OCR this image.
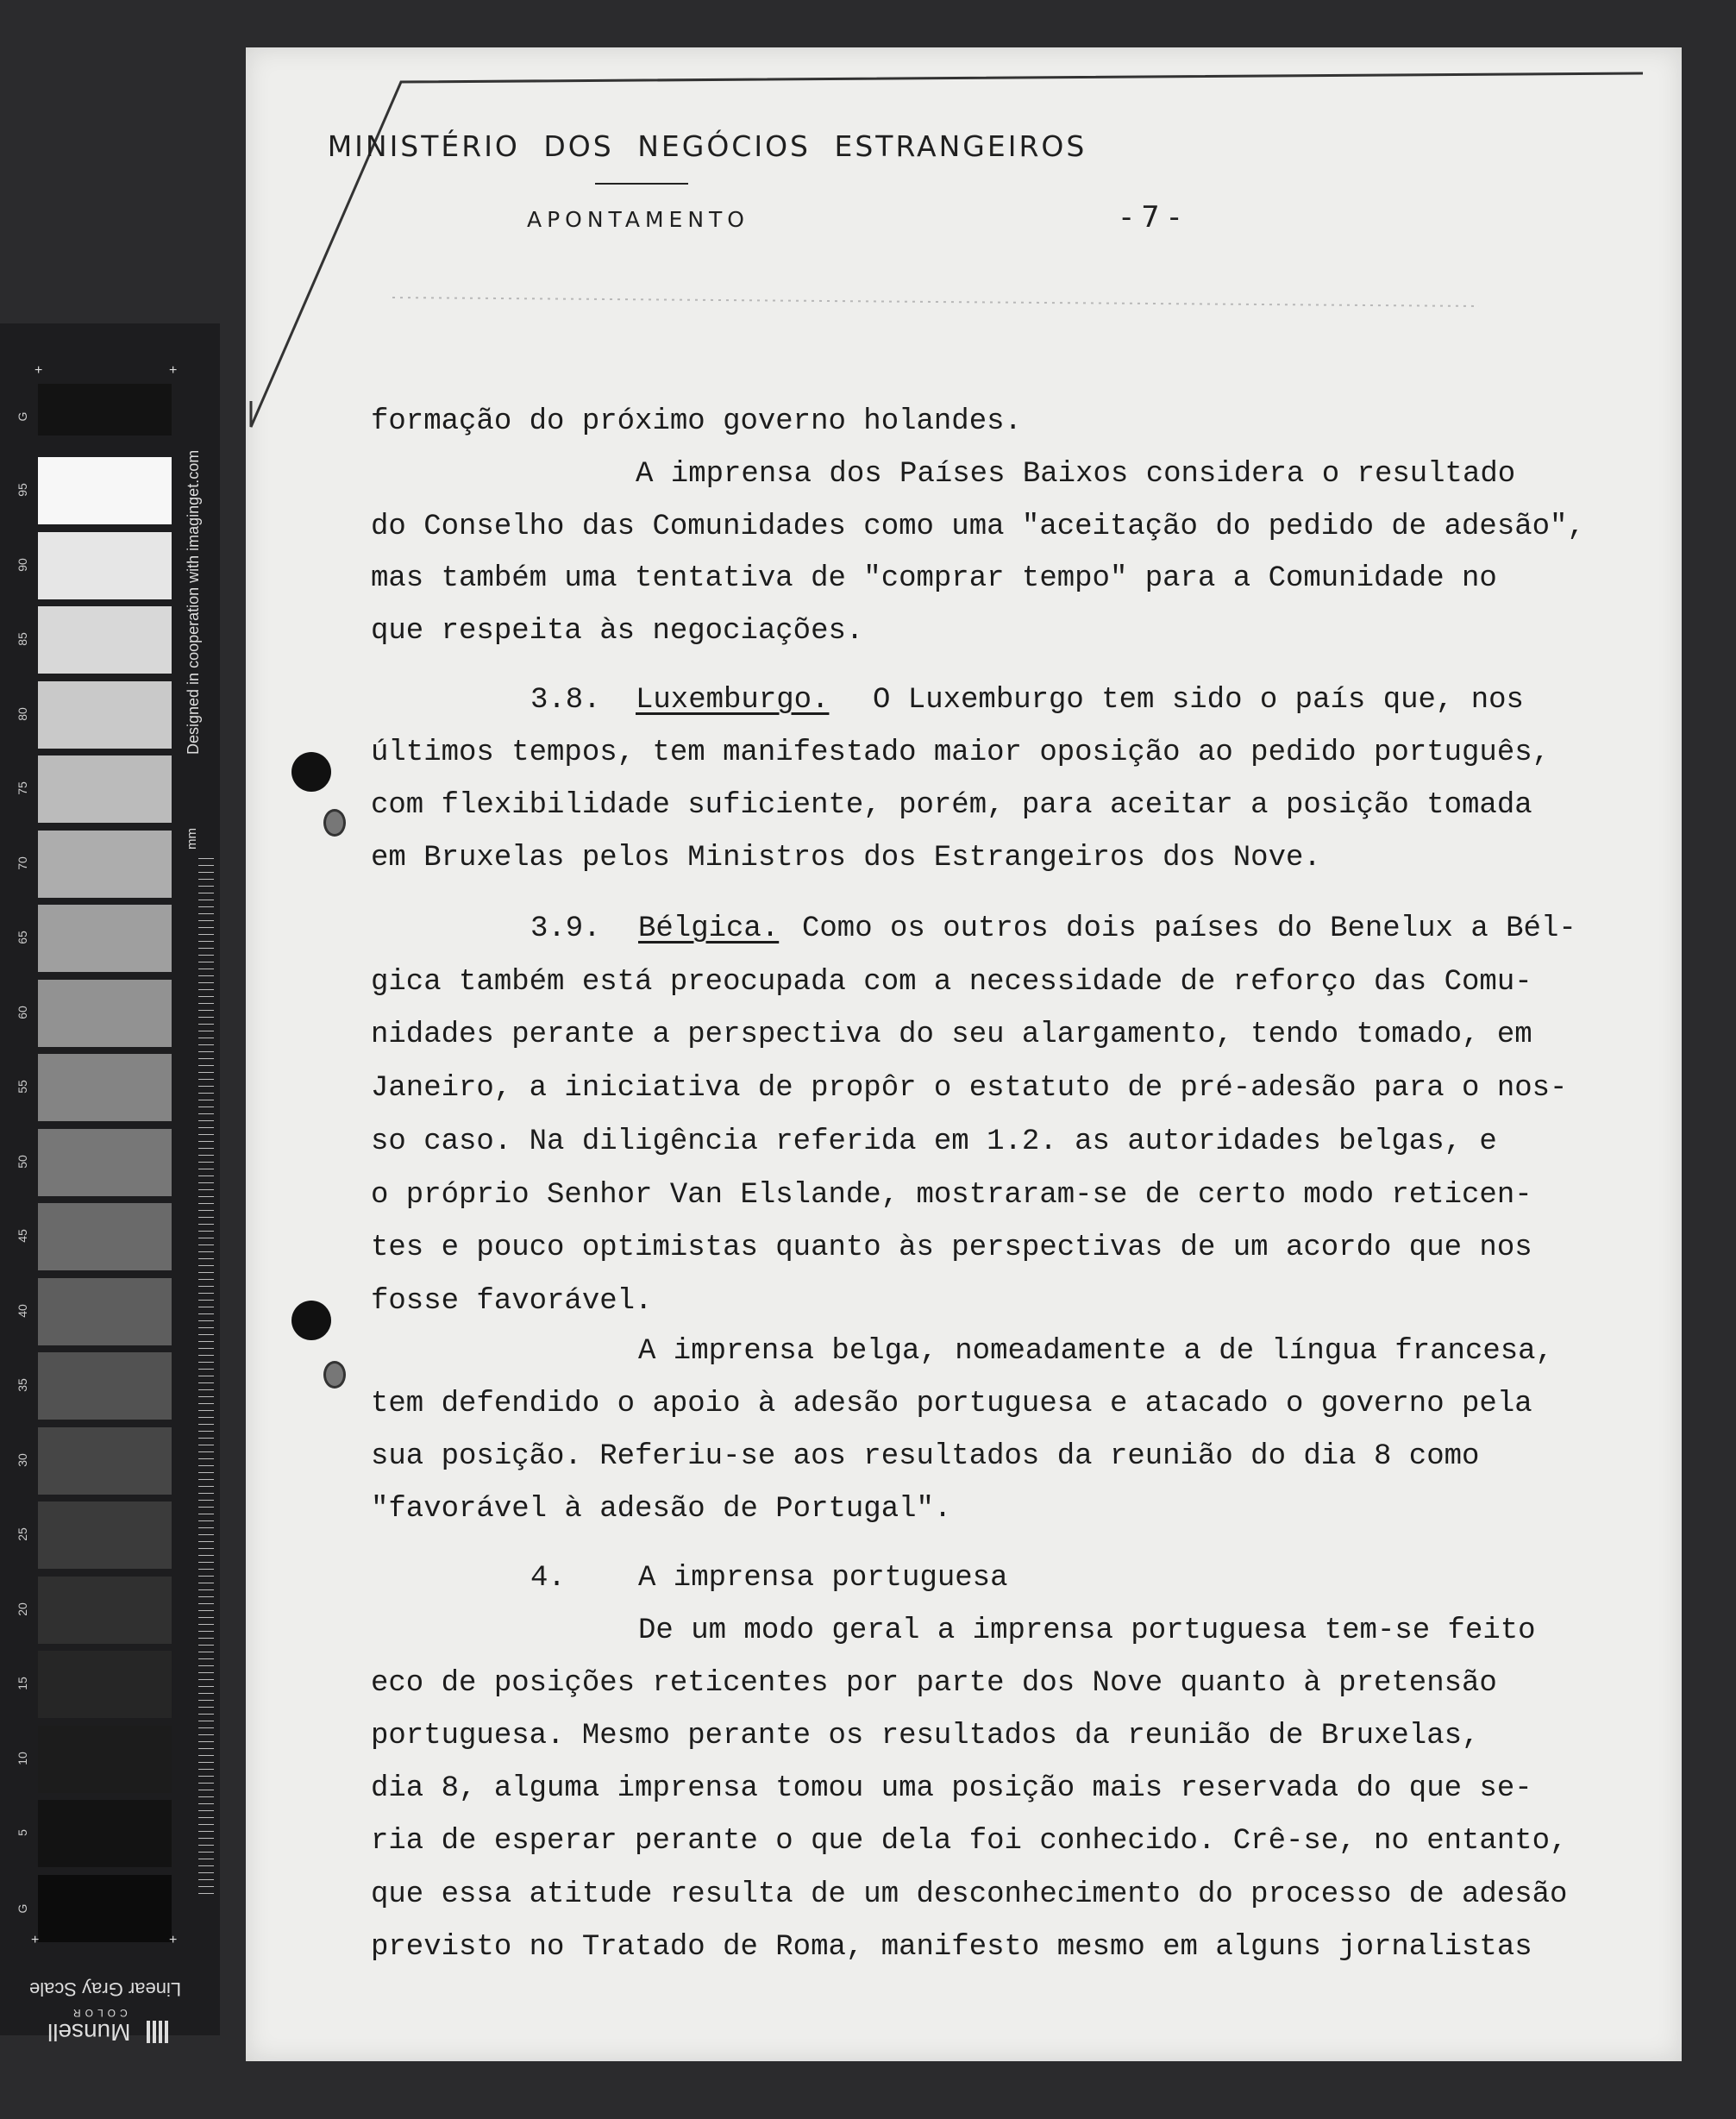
+	+
G
95
90
85
80
75
70
65
60
55
50
45
40
35
30
25
20
15
10
5
G
Designed in cooperation with imaginget.com
mm
+	+
Linear Gray Scale
COLOR
Munsell
MINISTÉRIO DOS NEGÓCIOS ESTRANGEIROS
APONTAMENTO	- 7 -
formação do próximo governo holandes.
A imprensa dos Países Baixos considera o resultado
do Conselho das Comunidades como uma "aceitação do pedido de adesão",
mas também uma tentativa de "comprar tempo" para a Comunidade no
que respeita às negociações.
3.8. Luxemburgo. O Luxemburgo tem sido o país que, nos
últimos tempos, tem manifestado maior oposição ao pedido português,
com flexibilidade suficiente, porém, para aceitar a posição tomada
em Bruxelas pelos Ministros dos Estrangeiros dos Nove.
3.9. Bélgica. Como os outros dois países do Benelux a Bél-
gica também está preocupada com a necessidade de reforço das Comu-
nidades perante a perspectiva do seu alargamento, tendo tomado, em
Janeiro, a iniciativa de propôr o estatuto de pré-adesão para o nos-
so caso. Na diligência referida em 1.2. as autoridades belgas, e
o próprio Senhor Van Elslande, mostraram-se de certo modo reticen-
tes e pouco optimistas quanto às perspectivas de um acordo que nos
fosse favorável.
A imprensa belga, nomeadamente a de língua francesa,
tem defendido o apoio à adesão portuguesa e atacado o governo pela
sua posição. Referiu-se aos resultados da reunião do dia 8 como
"favorável à adesão de Portugal".
4. A imprensa portuguesa
De um modo geral a imprensa portuguesa tem-se feito
eco de posições reticentes por parte dos Nove quanto à pretensão
portuguesa. Mesmo perante os resultados da reunião de Bruxelas,
dia 8, alguma imprensa tomou uma posição mais reservada do que se-
ria de esperar perante o que dela foi conhecido. Crê-se, no entanto,
que essa atitude resulta de um desconhecimento do processo de adesão
previsto no Tratado de Roma, manifesto mesmo em alguns jornalistas
